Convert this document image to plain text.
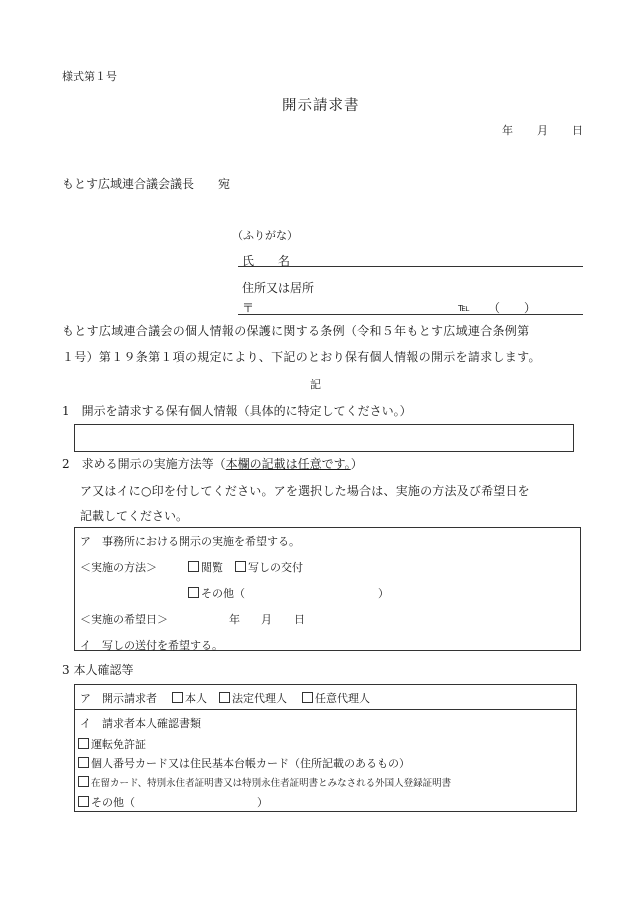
様式第１号
開示請求書
年 月 日
もとす広域連合議会議長　　宛
（ふりがな）
氏　　名
住所又は居所
〒	℡ （　　）
もとす広域連合議会の個人情報の保護に関する条例（令和５年もとす広域連合条例第
１号）第１９条第１項の規定により、下記のとおり保有個人情報の開示を請求します。
記
1　開示を請求する保有個人情報（具体的に特定してください。）
2　求める開示の実施方法等（本欄の記載は任意です。）
ア又はイに○印を付してください。アを選択した場合は、実施の方法及び希望日を
記載してください。
ア　事務所における開示の実施を希望する。
＜実施の方法＞	閲覧	写しの交付
その他（	）
＜実施の希望日＞	年 月 日
イ　写しの送付を希望する。
3 本人確認等
ア　開示請求者	本人	法定代理人	任意代理人
イ　請求者本人確認書類
運転免許証
個人番号カード又は住民基本台帳カード（住所記載のあるもの）
在留カード、特別永住者証明書又は特別永住者証明書とみなされる外国人登録証明書
その他（	）
